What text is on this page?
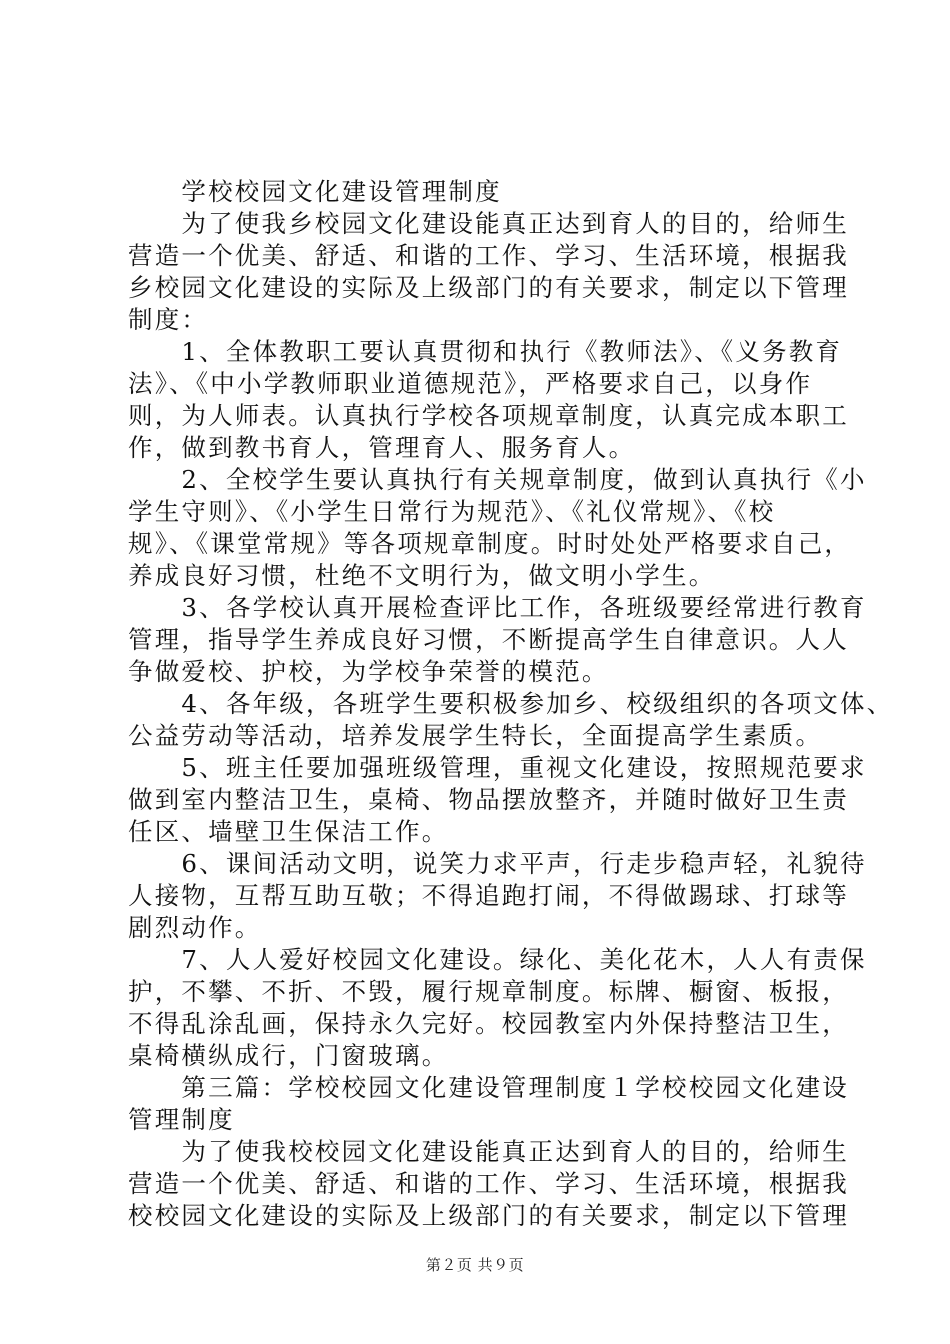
　　学校校园文化建设管理制度
　　为了使我乡校园文化建设能真正达到育人的目的，给师生
营造一个优美、舒适、和谐的工作、学习、生活环境，根据我
乡校园文化建设的实际及上级部门的有关要求，制定以下管理
制度：
　　1、全体教职工要认真贯彻和执行《教师法》、《义务教育
法》、《中小学教师职业道德规范》，严格要求自己，以身作
则，为人师表。认真执行学校各项规章制度，认真完成本职工
作，做到教书育人，管理育人、服务育人。
　　2、全校学生要认真执行有关规章制度，做到认真执行《小
学生守则》、《小学生日常行为规范》、《礼仪常规》、《校
规》、《课堂常规》等各项规章制度。时时处处严格要求自己，
养成良好习惯，杜绝不文明行为，做文明小学生。
　　3、各学校认真开展检查评比工作，各班级要经常进行教育
管理，指导学生养成良好习惯，不断提高学生自律意识。人人
争做爱校、护校，为学校争荣誉的模范。
　　4、各年级，各班学生要积极参加乡、校级组织的各项文体、
公益劳动等活动，培养发展学生特长，全面提高学生素质。
　　5、班主任要加强班级管理，重视文化建设，按照规范要求
做到室内整洁卫生，桌椅、物品摆放整齐，并随时做好卫生责
任区、墙壁卫生保洁工作。
　　6、课间活动文明，说笑力求平声，行走步稳声轻，礼貌待
人接物，互帮互助互敬；不得追跑打闹，不得做踢球、打球等
剧烈动作。
　　7、人人爱好校园文化建设。绿化、美化花木，人人有责保
护，不攀、不折、不毁，履行规章制度。标牌、橱窗、板报，
不得乱涂乱画，保持永久完好。校园教室内外保持整洁卫生，
桌椅横纵成行，门窗玻璃。
　　第三篇：学校校园文化建设管理制度１学校校园文化建设
管理制度
　　为了使我校校园文化建设能真正达到育人的目的，给师生
营造一个优美、舒适、和谐的工作、学习、生活环境，根据我
校校园文化建设的实际及上级部门的有关要求，制定以下管理
第２页 共９页
